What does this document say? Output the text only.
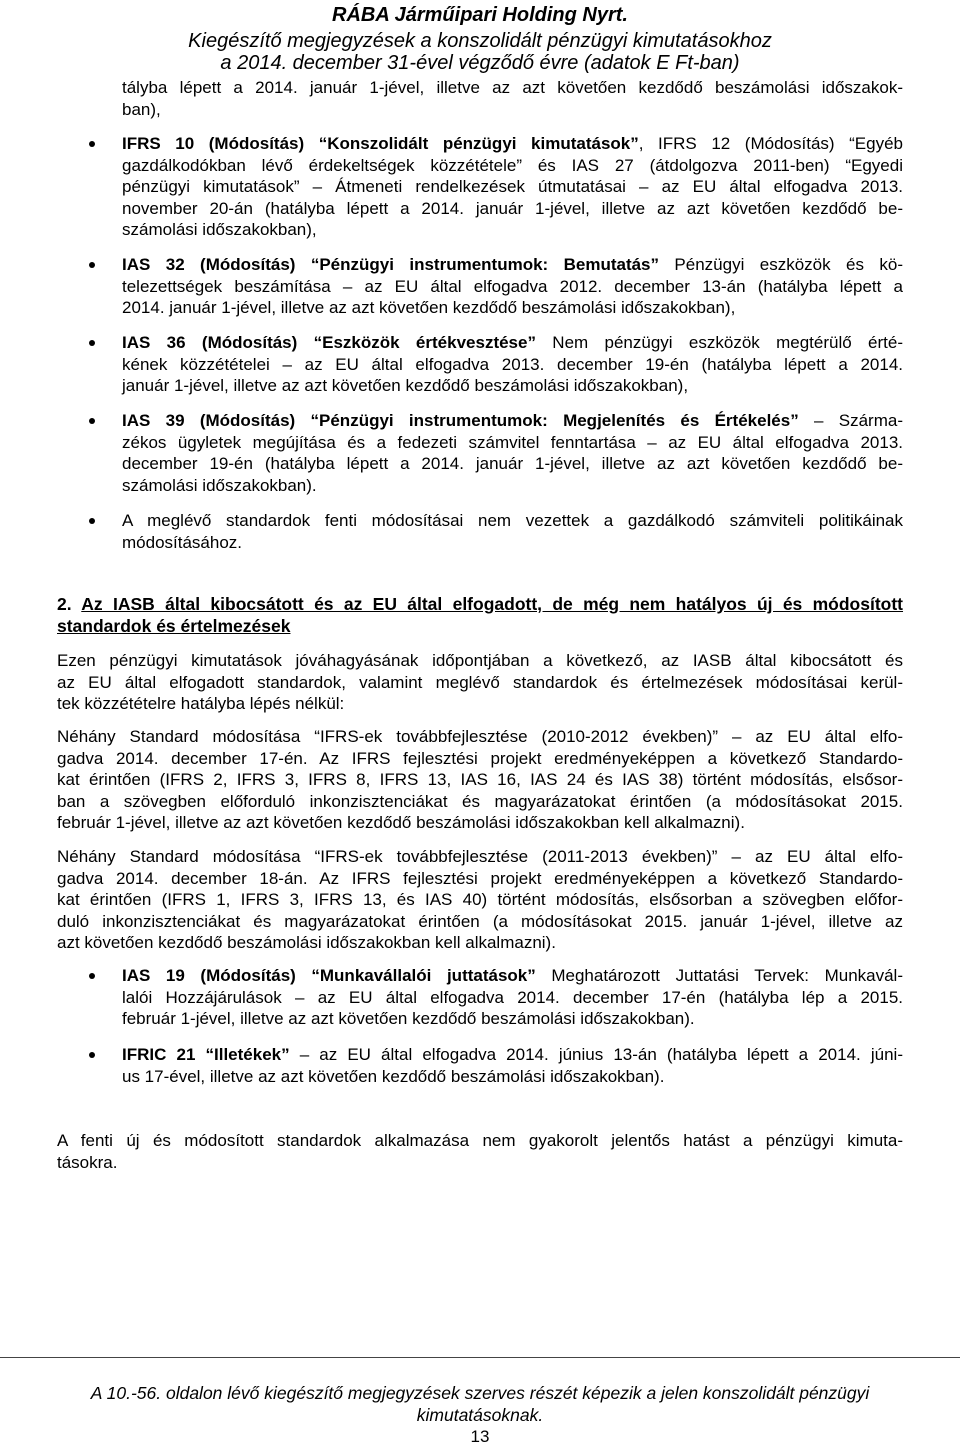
RÁBA Járműipari Holding Nyrt.
Kiegészítő megjegyzések a konszolidált pénzügyi kimutatásokhoz
a 2014. december 31-ével végződő évre (adatok E Ft-ban)
tályba lépett a 2014. január 1-jével, illetve az azt követően kezdődő beszámolási időszakok-
ban),
IFRS 10 (Módosítás) “Konszolidált pénzügyi kimutatások”, IFRS 12 (Módosítás) “Egyéb
gazdálkodókban lévő érdekeltségek közzététele” és IAS 27 (átdolgozva 2011-ben) “Egyedi
pénzügyi kimutatások” – Átmeneti rendelkezések útmutatásai – az EU által elfogadva 2013.
november 20-án (hatályba lépett a 2014. január 1-jével, illetve az azt követően kezdődő be-
számolási időszakokban),
IAS 32 (Módosítás) “Pénzügyi instrumentumok: Bemutatás” Pénzügyi eszközök és kö-
telezettségek beszámítása – az EU által elfogadva 2012. december 13-án (hatályba lépett a
2014. január 1-jével, illetve az azt követően kezdődő beszámolási időszakokban),
IAS 36 (Módosítás) “Eszközök értékvesztése” Nem pénzügyi eszközök megtérülő érté-
kének közzétételei – az EU által elfogadva 2013. december 19-én (hatályba lépett a 2014.
január 1-jével, illetve az azt követően kezdődő beszámolási időszakokban),
IAS 39 (Módosítás) “Pénzügyi instrumentumok: Megjelenítés és Értékelés” – Szárma-
zékos ügyletek megújítása és a fedezeti számvitel fenntartása – az EU által elfogadva 2013.
december 19-én (hatályba lépett a 2014. január 1-jével, illetve az azt követően kezdődő be-
számolási időszakokban).
A meglévő standardok fenti módosításai nem vezettek a gazdálkodó számviteli politikáinak
módosításához.
2. Az IASB által kibocsátott és az EU által elfogadott, de még nem hatályos új és módosított
standardok és értelmezések
Ezen pénzügyi kimutatások jóváhagyásának időpontjában a következő, az IASB által kibocsátott és
az EU által elfogadott standardok, valamint meglévő standardok és értelmezések módosításai kerül-
tek közzétételre hatályba lépés nélkül:
Néhány Standard módosítása “IFRS-ek továbbfejlesztése (2010-2012 években)” – az EU által elfo-
gadva 2014. december 17-én. Az IFRS fejlesztési projekt eredményeképpen a következő Standardo-
kat érintően (IFRS 2, IFRS 3, IFRS 8, IFRS 13, IAS 16, IAS 24 és IAS 38) történt módosítás, elsősor-
ban a szövegben előforduló inkonzisztenciákat és magyarázatokat érintően (a módosításokat 2015.
február 1-jével, illetve az azt követően kezdődő beszámolási időszakokban kell alkalmazni).
Néhány Standard módosítása “IFRS-ek továbbfejlesztése (2011-2013 években)” – az EU által elfo-
gadva 2014. december 18-án. Az IFRS fejlesztési projekt eredményeképpen a következő Standardo-
kat érintően (IFRS 1, IFRS 3, IFRS 13, és IAS 40) történt módosítás, elsősorban a szövegben előfor-
duló inkonzisztenciákat és magyarázatokat érintően (a módosításokat 2015. január 1-jével, illetve az
azt követően kezdődő beszámolási időszakokban kell alkalmazni).
IAS 19 (Módosítás) “Munkavállalói juttatások” Meghatározott Juttatási Tervek: Munkavál-
lalói Hozzájárulások – az EU által elfogadva 2014. december 17-én (hatályba lép a 2015.
február 1-jével, illetve az azt követően kezdődő beszámolási időszakokban).
IFRIC 21 “Illetékek” – az EU által elfogadva 2014. június 13-án (hatályba lépett a 2014. júni-
us 17-ével, illetve az azt követően kezdődő beszámolási időszakokban).
A fenti új és módosított standardok alkalmazása nem gyakorolt jelentős hatást a pénzügyi kimuta-
tásokra.
A 10.-56. oldalon lévő kiegészítő megjegyzések szerves részét képezik a jelen konszolidált pénzügyi
kimutatásoknak.
13
